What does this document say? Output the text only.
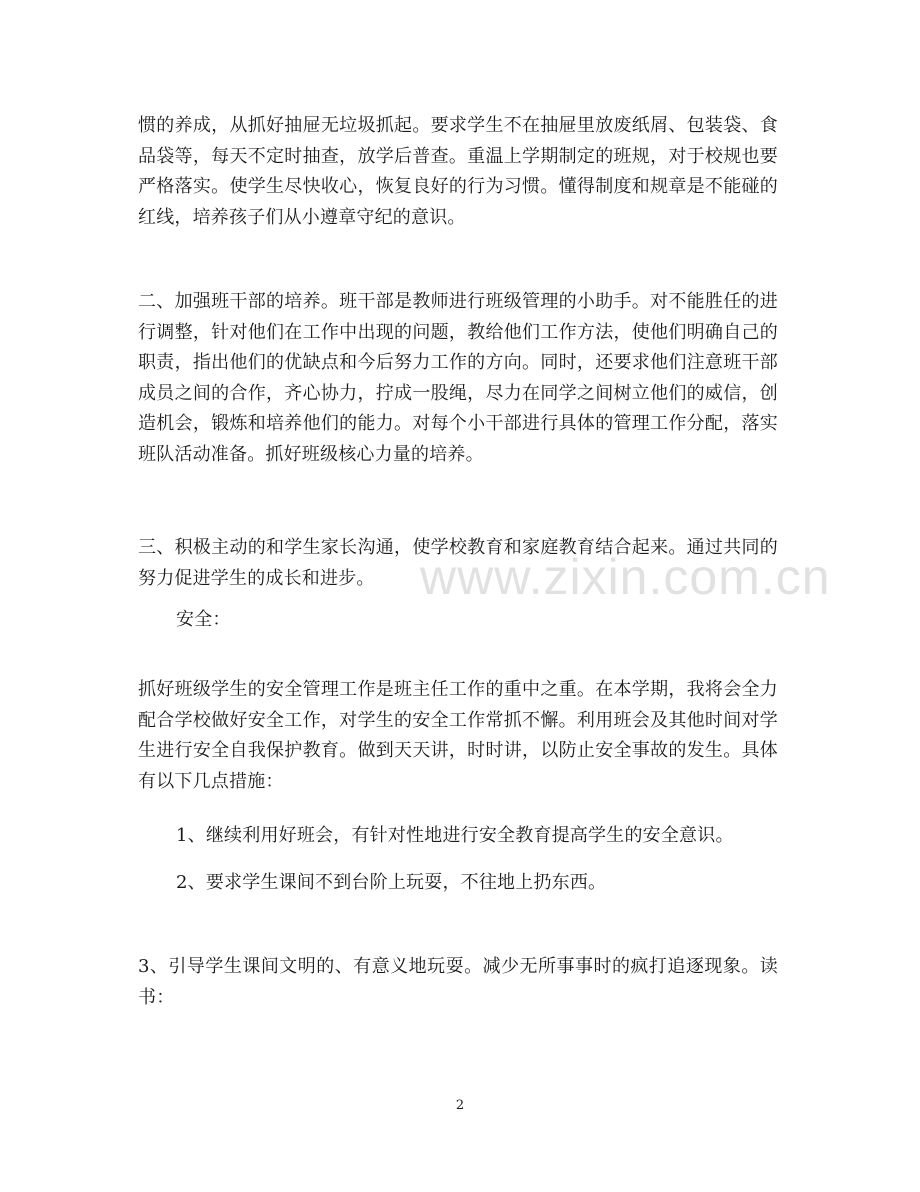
惯的养成，从抓好抽屉无垃圾抓起。要求学生不在抽屉里放废纸屑、包装袋、食品袋等，每天不定时抽查，放学后普查。重温上学期制定的班规，对于校规也要严格落实。使学生尽快收心，恢复良好的行为习惯。懂得制度和规章是不能碰的红线，培养孩子们从小遵章守纪的意识。

二、加强班干部的培养。班干部是教师进行班级管理的小助手。对不能胜任的进行调整，针对他们在工作中出现的问题，教给他们工作方法，使他们明确自己的职责，指出他们的优缺点和今后努力工作的方向。同时，还要求他们注意班干部成员之间的合作，齐心协力，拧成一股绳，尽力在同学之间树立他们的威信，创造机会，锻炼和培养他们的能力。对每个小干部进行具体的管理工作分配，落实班队活动准备。抓好班级核心力量的培养。

三、积极主动的和学生家长沟通，使学校教育和家庭教育结合起来。通过共同的努力促进学生的成长和进步。

安全：

抓好班级学生的安全管理工作是班主任工作的重中之重。在本学期，我将会全力配合学校做好安全工作，对学生的安全工作常抓不懈。利用班会及其他时间对学生进行安全自我保护教育。做到天天讲，时时讲，以防止安全事故的发生。具体有以下几点措施：

1、继续利用好班会，有针对性地进行安全教育提高学生的安全意识。

2、要求学生课间不到台阶上玩耍，不往地上扔东西。

3、引导学生课间文明的、有意义地玩耍。减少无所事事时的疯打追逐现象。读书：

www.zixin.com.cn
2
